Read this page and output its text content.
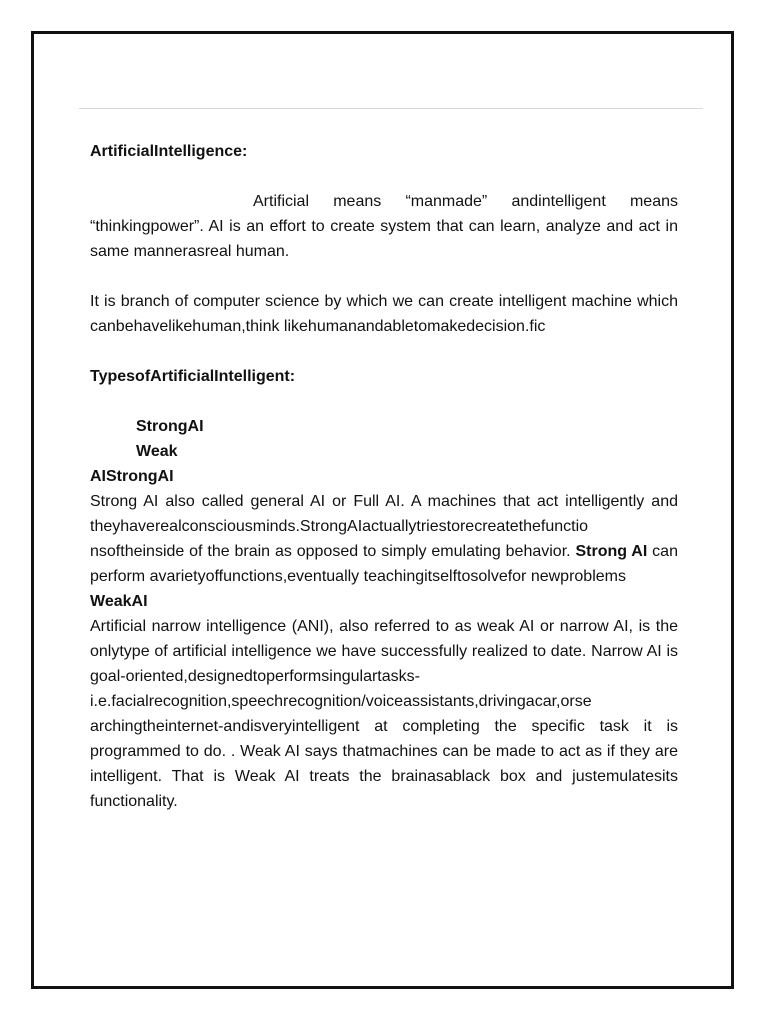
ArtificialIntelligence:

Artificial means “manmade” andintelligent means “thinkingpower”. AI is an effort to create system that can learn, analyze and act in same mannerasreal human.

It is branch of computer science by which we can create intelligent machine which canbehavelikehuman,think likehumanandabletomakedecision.fic

TypesofArtificialIntelligent:

StrongAI

Weak

AIStrongAI

Strong AI also called general AI or Full AI. A machines that act intelligently and theyhaverealconsciousminds.StrongAIactuallytriestorecreatethefunctio nsoftheinside of the brain as opposed to simply emulating behavior. Strong AI can perform avarietyoffunctions,eventually teachingitselftosolvefor newproblems

WeakAI

Artificial narrow intelligence (ANI), also referred to as weak AI or narrow AI, is the onlytype of artificial intelligence we have successfully realized to date. Narrow AI is goal-oriented,designedtoperformsingulartasks- i.e.facialrecognition,speechrecognition/voiceassistants,drivingacar,orse archingtheinternet-andisveryintelligent at completing the specific task it is programmed to do. . Weak AI says thatmachines can be made to act as if they are intelligent. That is Weak AI treats the brainasablack box and justemulatesits functionality.
